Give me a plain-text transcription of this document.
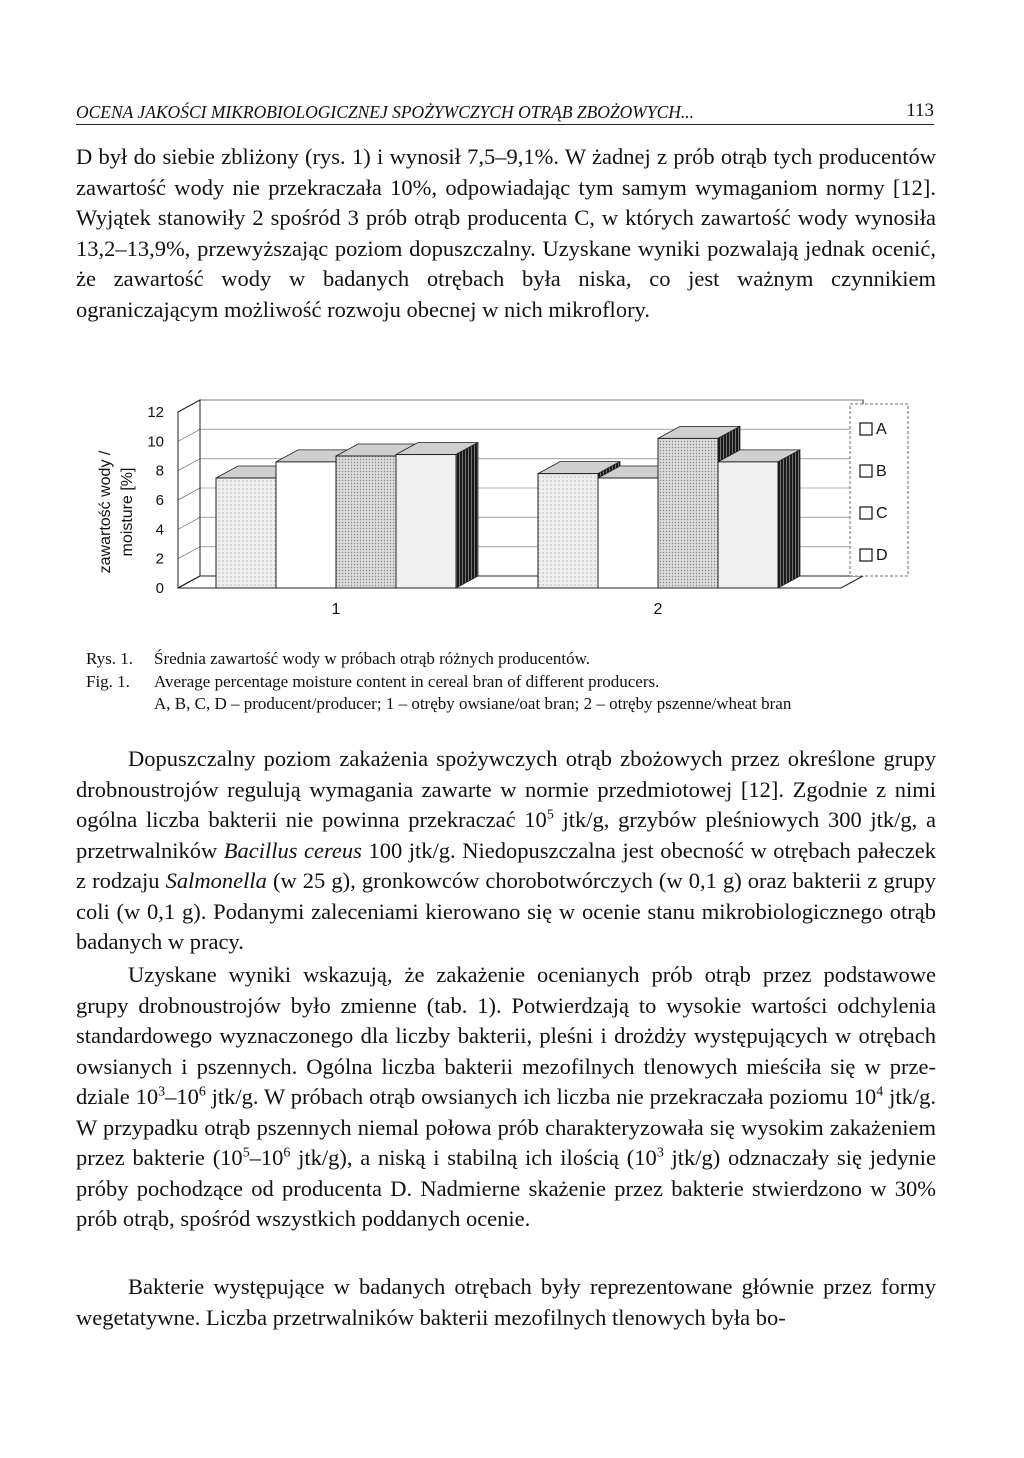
OCENA JAKOŚCI MIKROBIOLOGICZNEJ SPOŻYWCZYCH OTRĄB ZBOŻOWYCH...	113

D był do siebie zbliżony (rys. 1) i wynosił 7,5–9,1%. W żadnej z prób otrąb tych producentów zawartość wody nie przekraczała 10%, odpowiadając tym samym wymaganiom normy [12]. Wyjątek stanowiły 2 spośród 3 prób otrąb producenta C, w których zawartość wody wynosiła 13,2–13,9%, przewyższając poziom dopuszczalny. Uzyskane wyniki pozwalają jednak ocenić, że zawartość wody w badanych otrębach była niska, co jest ważnym czynnikiem ograniczającym możliwość rozwoju obecnej w nich mikroflory.

zawartość wody / moisture [%]
0
2
4
6
8
10
12
1	2
A
B
C
D
Rys. 1. Średnia zawartość wody w próbach otrąb różnych producentów.
Fig. 1. Average percentage moisture content in cereal bran of different producers.
A, B, C, D – producent/producer; 1 – otręby owsiane/oat bran; 2 – otręby pszenne/wheat bran

Dopuszczalny poziom zakażenia spożywczych otrąb zbożowych przez określone grupy drobnoustrojów regulują wymagania zawarte w normie przedmiotowej [12]. Zgodnie z nimi ogólna liczba bakterii nie powinna przekraczać $10^5$ jtk/g, grzybów pleśniowych 300 jtk/g, a przetrwalników Bacillus cereus 100 jtk/g. Niedopuszczalna jest obecność w otrębach pałeczek z rodzaju Salmonella (w 25 g), gronkowców chorobotwórczych (w 0,1 g) oraz bakterii z grupy coli (w 0,1 g). Podanymi zaleceniami kierowano się w ocenie stanu mikrobiologicznego otrąb badanych w pracy.

Uzyskane wyniki wskazują, że zakażenie ocenianych prób otrąb przez podstawowe grupy drobnoustrojów było zmienne (tab. 1). Potwierdzają to wysokie wartości odchylenia standardowego wyznaczonego dla liczby bakterii, pleśni i drożdży występujących w otrębach owsianych i pszennych. Ogólna liczba bakterii mezofilnych tlenowych mieściła się w prze-dziale $10^3-10^6$ jtk/g. W próbach otrąb owsianych ich liczba nie przekraczała poziomu $10^4$ jtk/g. W przypadku otrąb pszennych niemal połowa prób charakteryzowała się wysokim zakażeniem przez bakterie ($10^5-10^6$ jtk/g), a niską i stabilną ich ilością ($10^3$ jtk/g) odznaczały się jedynie próby pochodzące od producenta D. Nadmierne skażenie przez bakterie stwierdzono w 30% prób otrąb, spośród wszystkich poddanych ocenie.

Bakterie występujące w badanych otrębach były reprezentowane głównie przez formy wegetatywne. Liczba przetrwalników bakterii mezofilnych tlenowych była bo-
